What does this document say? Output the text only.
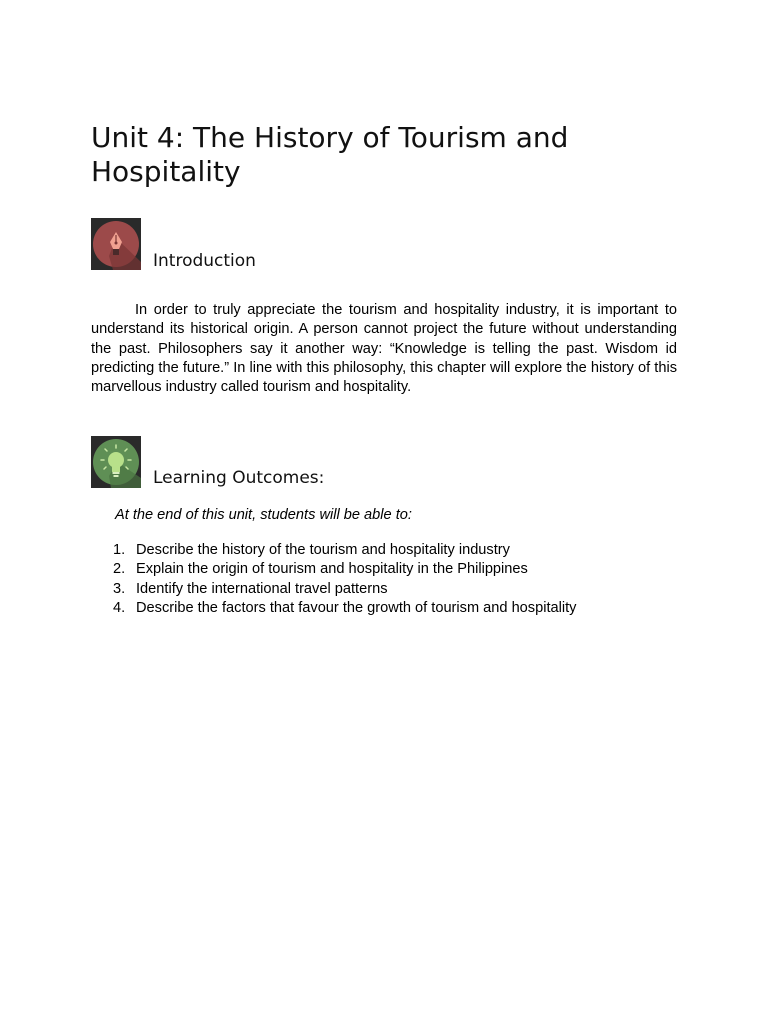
Unit 4: The History of Tourism and Hospitality
Introduction

In order to truly appreciate the tourism and hospitality industry, it is important to understand its historical origin. A person cannot project the future without understanding the past. Philosophers say it another way: “Knowledge is telling the past. Wisdom id predicting the future.” In line with this philosophy, this chapter will explore the history of this marvellous industry called tourism and hospitality.

Learning Outcomes:

At the end of this unit, students will be able to:

1. Describe the history of the tourism and hospitality industry
2. Explain the origin of tourism and hospitality in the Philippines
3. Identify the international travel patterns
4. Describe the factors that favour the growth of tourism and hospitality
